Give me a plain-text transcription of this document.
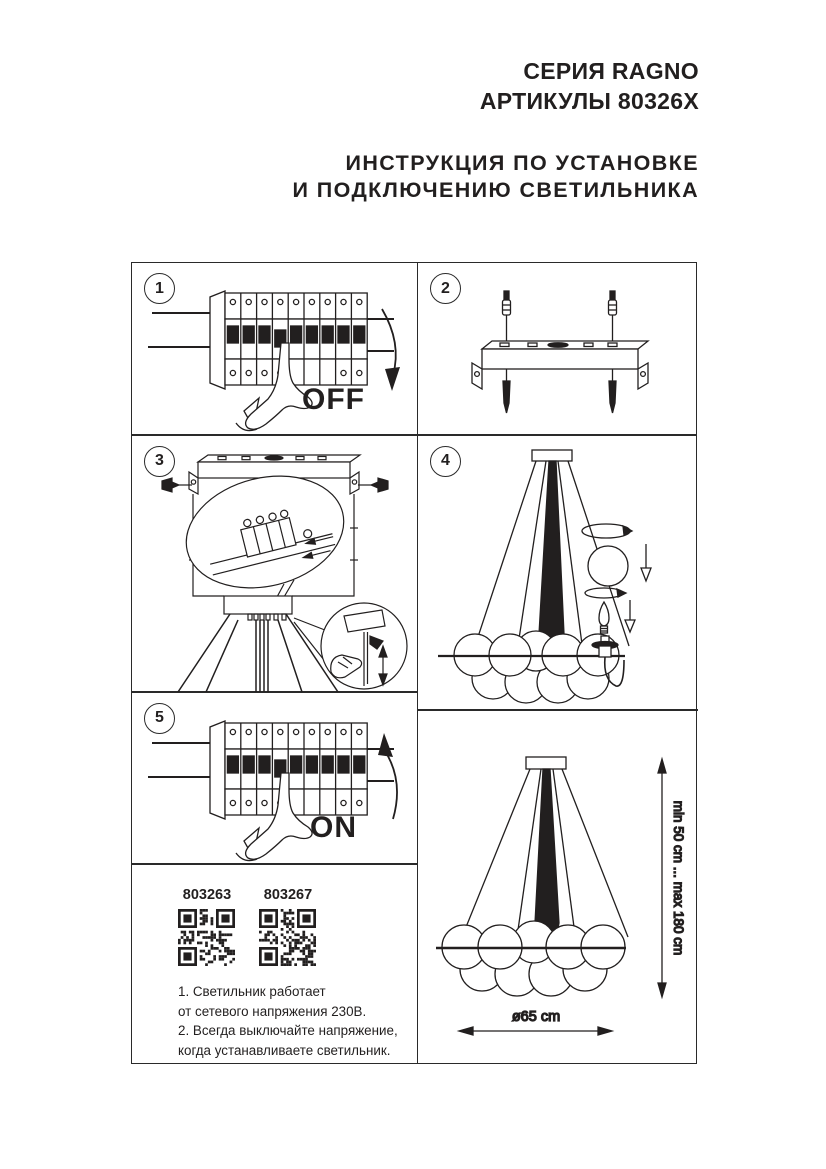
СЕРИЯ RAGNO

АРТИКУЛЫ 80326X

ИНСТРУКЦИЯ ПО УСТАНОВКЕ

И ПОДКЛЮЧЕНИЮ СВЕТИЛЬНИКА

1
OFF
2
3	4
5
ON
803263	803267
1. Светильник работает
от сетевого напряжения 230В.
2. Всегда выключайте напряжение,
когда устанавливаете светильник.
min 50 cm ... max 180 cm
ø65 cm
